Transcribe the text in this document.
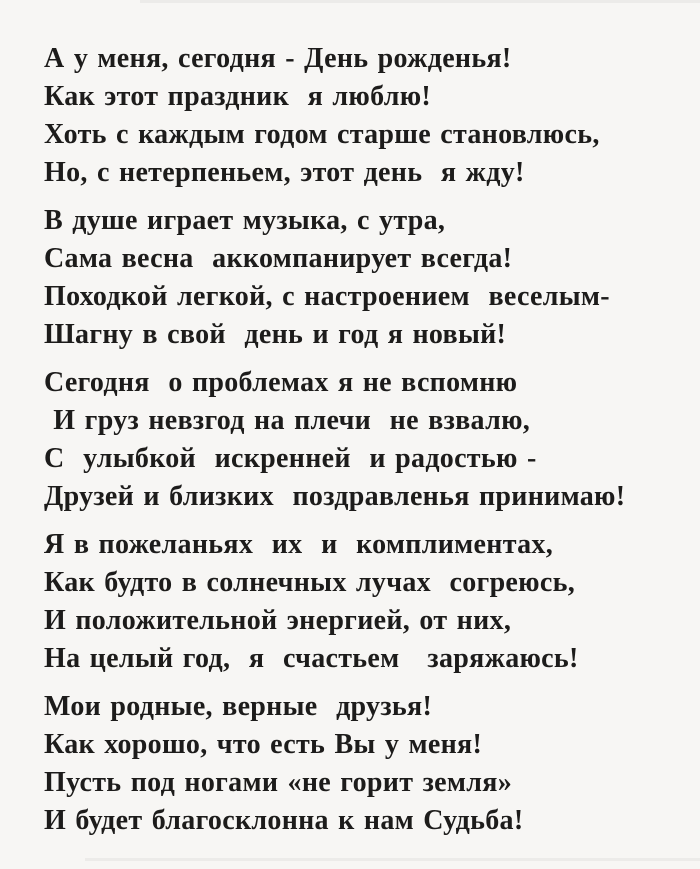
А у меня, сегодня - День рожденья!

Как этот праздник  я люблю!

Хоть с каждым годом старше становлюсь,

Но, с нетерпеньем, этот день  я жду!

В душе играет музыка, с утра,

Сама весна  аккомпанирует всегда!

Походкой легкой, с настроением  веселым-

Шагну в свой  день и год я новый!

Сегодня  о проблемах я не вспомню

И груз невзгод на плечи  не взвалю,

С  улыбкой  искренней  и радостью -

Друзей и близких  поздравленья принимаю!

Я в пожеланьях  их  и  комплиментах,

Как будто в солнечных лучах  согреюсь,

И положительной энергией, от них,

На целый год,  я  счастьем   заряжаюсь!

Мои родные, верные  друзья!

Как хорошо, что есть Вы у меня!

Пусть под ногами «не горит земля»

И будет благосклонна к нам Судьба!
